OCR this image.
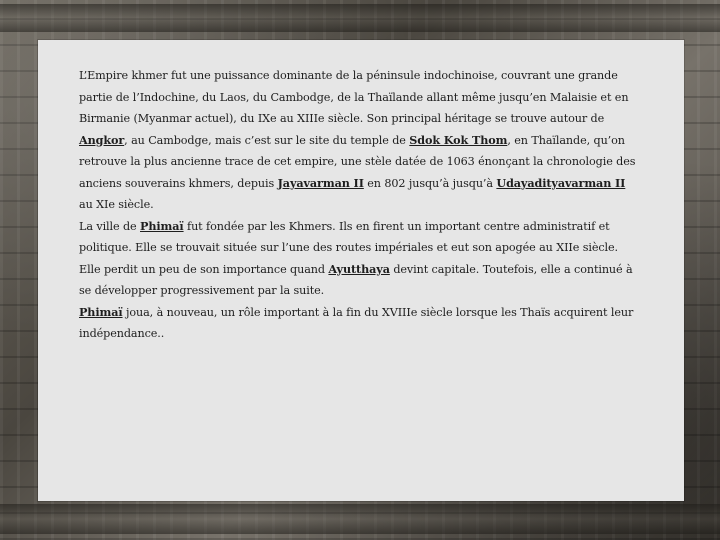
L’Empire khmer fut une puissance dominante de la péninsule indochinoise, couvrant une grande partie de l’Indochine, du Laos, du Cambodge, de la Thaïlande allant même jusqu’en Malaisie et en Birmanie (Myanmar actuel), du IXe au XIIIe siècle. Son principal héritage se trouve autour de Angkor, au Cambodge, mais c’est sur le site du temple de Sdok Kok Thom, en Thaïlande, qu’on retrouve la plus ancienne trace de cet empire, une stèle datée de 1063 énonçant la chronologie des anciens souverains khmers, depuis Jayavarman II en 802 jusqu’à jusqu’à Udayadityavarman II au XIe siècle.

La ville de Phimaï fut fondée par les Khmers. Ils en firent un important centre administratif et politique. Elle se trouvait située sur l’une des routes impériales et eut son apogée au XIIe siècle. Elle perdit un peu de son importance quand Ayutthaya devint capitale. Toutefois, elle a continué à se développer progressivement par la suite.

Phimaï joua, à nouveau, un rôle important à la fin du XVIIIe siècle lorsque les Thaïs acquirent leur indépendance..
